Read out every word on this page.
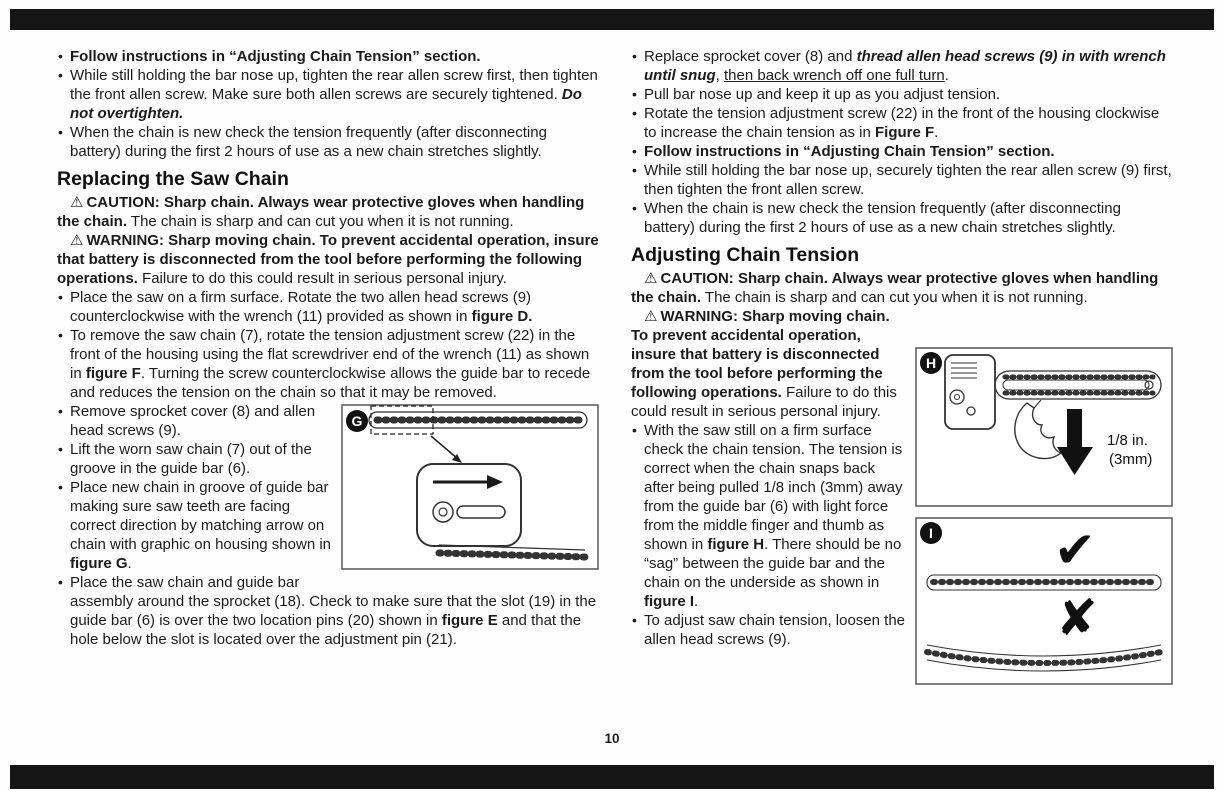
• Follow instructions in “Adjusting Chain Tension” section.
• While still holding the bar nose up, tighten the rear allen screw first, then tighten the front allen screw. Make sure both allen screws are securely tightened. Do not overtighten.
• When the chain is new check the tension frequently (after disconnecting battery) during the first 2 hours of use as a new chain stretches slightly.
Replacing the Saw Chain

⚠ CAUTION: Sharp chain. Always wear protective gloves when handling the chain. The chain is sharp and can cut you when it is not running.

⚠ WARNING: Sharp moving chain. To prevent accidental operation, insure that battery is disconnected from the tool before performing the following operations. Failure to do this could result in serious personal injury.

• Place the saw on a firm surface. Rotate the two allen head screws (9) counterclockwise with the wrench (11) provided as shown in figure D.
• To remove the saw chain (7), rotate the tension adjustment screw (22) in the front of the housing using the flat screwdriver end of the wrench (11) as shown in figure F. Turning the screw counterclockwise allows the guide bar to recede and reduces the tension on the chain so that it may be removed.
• G
Remove sprocket cover (8) and allen head screws (9).
• Lift the worn saw chain (7) out of the groove in the guide bar (6).
• Place new chain in groove of guide bar making sure saw teeth are facing correct direction by matching arrow on chain with graphic on housing shown in figure G.
• Place the saw chain and guide bar assembly around the sprocket (18). Check to make sure that the slot (19) in the guide bar (6) is over the two location pins (20) shown in figure E and that the hole below the slot is located over the adjustment pin (21).
• Replace sprocket cover (8) and thread allen head screws (9) in with wrench until snug, then back wrench off one full turn.
• Pull bar nose up and keep it up as you adjust tension.
• Rotate the tension adjustment screw (22) in the front of the housing clockwise to increase the chain tension as in Figure F.
• Follow instructions in “Adjusting Chain Tension” section.
• While still holding the bar nose up, securely tighten the rear allen screw (9) first, then tighten the front allen screw.
• When the chain is new check the tension frequently (after disconnecting battery) during the first 2 hours of use as a new chain stretches slightly.
Adjusting Chain Tension

⚠ CAUTION: Sharp chain. Always wear protective gloves when handling the chain. The chain is sharp and can cut you when it is not running.

1/8 in.
(3mm)
H
✔
✘
I

⚠ WARNING: Sharp moving chain. To prevent accidental operation, insure that battery is disconnected from the tool before performing the following operations. Failure to do this could result in serious personal injury.

• With the saw still on a firm surface check the chain tension. The tension is correct when the chain snaps back after being pulled 1/8 inch (3mm) away from the guide bar (6) with light force from the middle finger and thumb as shown in figure H. There should be no “sag” between the guide bar and the chain on the underside as shown in figure I.
• To adjust saw chain tension, loosen the allen head screws (9).
10
